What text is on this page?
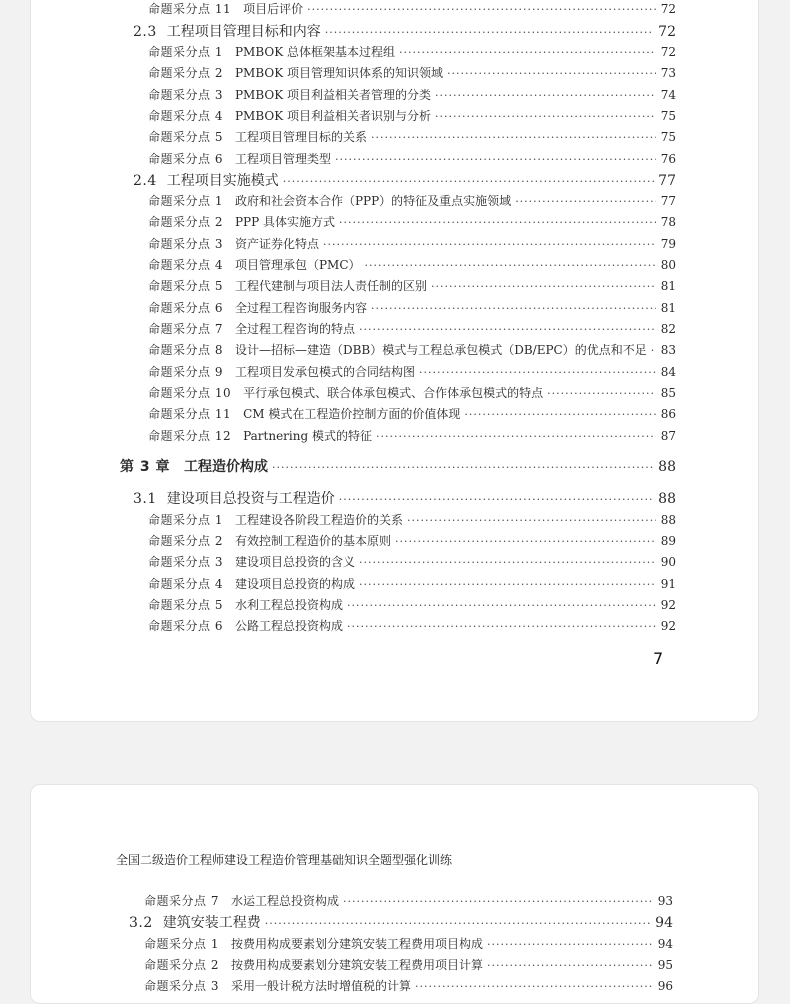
命题采分点 11 项目后评价 ·····	72
2.3 工程项目管理目标和内容 ·····	72
命题采分点 1 PMBOK 总体框架基本过程组 ·····	72
命题采分点 2 PMBOK 项目管理知识体系的知识领域 ·····	73
命题采分点 3 PMBOK 项目利益相关者管理的分类 ·····	74
命题采分点 4 PMBOK 项目利益相关者识别与分析 ·····	75
命题采分点 5 工程项目管理目标的关系 ·····	75
命题采分点 6 工程项目管理类型 ·····	76
2.4 工程项目实施模式 ·····	77
命题采分点 1 政府和社会资本合作（PPP）的特征及重点实施领域 ·····	77
命题采分点 2 PPP 具体实施方式 ·····	78
命题采分点 3 资产证券化特点 ·····	79
命题采分点 4 项目管理承包（PMC） ·····	80
命题采分点 5 工程代建制与项目法人责任制的区别 ·····	81
命题采分点 6 全过程工程咨询服务内容 ·····	81
命题采分点 7 全过程工程咨询的特点 ·····	82
命题采分点 8 设计—招标—建造（DBB）模式与工程总承包模式（DB/EPC）的优点和不足 ····· 83
命题采分点 9 工程项目发承包模式的合同结构图 ·····	84
命题采分点 10 平行承包模式、联合体承包模式、合作体承包模式的特点 ·····	85
命题采分点 11 CM 模式在工程造价控制方面的价值体现 ·····	86
命题采分点 12 Partnering 模式的特征 ·····	87
第 3 章 工程造价构成 ·····	88
3.1 建设项目总投资与工程造价 ·····	88
命题采分点 1 工程建设各阶段工程造价的关系 ·····	88
命题采分点 2 有效控制工程造价的基本原则 ·····	89
命题采分点 3 建设项目总投资的含义 ·····	90
命题采分点 4 建设项目总投资的构成 ·····	91
命题采分点 5 水利工程总投资构成 ·····	92
命题采分点 6 公路工程总投资构成 ·····	92
7
全国二级造价工程师建设工程造价管理基础知识全题型强化训练
命题采分点 7 水运工程总投资构成 ·····	93
3.2 建筑安装工程费 ·····	94
命题采分点 1 按费用构成要素划分建筑安装工程费用项目构成 ·····	94
命题采分点 2 按费用构成要素划分建筑安装工程费用项目计算 ·····	95
命题采分点 3 采用一般计税方法时增值税的计算 ·····	96
